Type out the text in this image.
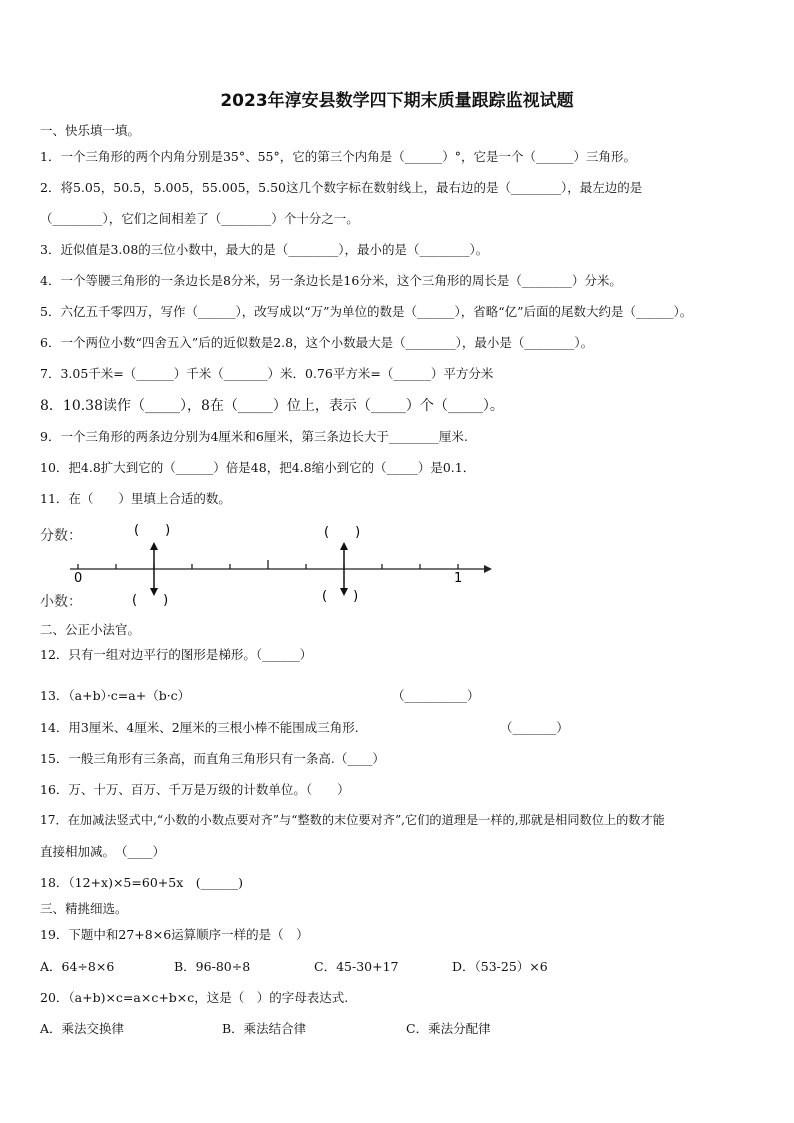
2023年淳安县数学四下期末质量跟踪监视试题
一、快乐填一填。
1．一个三角形的两个内角分别是35°、55°，它的第三个内角是（______）°，它是一个（______）三角形。
2．将5.05，50.5，5.005，55.005，5.50这几个数字标在数射线上，最右边的是（________），最左边的是
（________），它们之间相差了（________）个十分之一。
3．近似值是3.08的三位小数中，最大的是（________），最小的是（________）。
4．一个等腰三角形的一条边长是8分米，另一条边长是16分米，这个三角形的周长是（________）分米。
5．六亿五千零四万，写作（______），改写成以“万”为单位的数是（______），省略“亿”后面的尾数大约是（______）。
6．一个两位小数“四舍五入”后的近似数是2.8，这个小数最大是（________），最小是（________）。
7．3.05千米=（______）千米（_______）米．0.76平方米=（______）平方分米
8．10.38读作（_____），8在（_____）位上，表示（_____）个（_____）。
9．一个三角形的两条边分别为4厘米和6厘米，第三条边长大于________厘米.
10．把4.8扩大到它的（______）倍是48，把4.8缩小到它的（_____）是0.1．
11．在（　　）里填上合适的数。
分数：
小数：
0	1
(　　)
(　　)
(　　)
(　　)
二、公正小法官。
12．只有一组对边平行的图形是梯形。（______）
13．（a+b）·c=a+（b·c）	（__________）
14．用3厘米、4厘米、2厘米的三根小棒不能围成三角形.	（_______）
15．一般三角形有三条高，而直角三角形只有一条高.（____）
16．万、十万、百万、千万是万级的计数单位。（　　）
17．在加减法竖式中,“小数的小数点要对齐”与“整数的末位要对齐”,它们的道理是一样的,那就是相同数位上的数才能
直接相加减。　（____）
18．（12+x)×5=60+5x　(______)
三、精挑细选。
19．下题中和27+8×6运算顺序一样的是（　）
A．64÷8×6	B．96-80÷8	C．45-30+17	D．（53-25）×6
20．（a+b)×c=a×c+b×c，这是（　）的字母表达式.
A．乘法交换律	B．乘法结合律	C．乘法分配律
